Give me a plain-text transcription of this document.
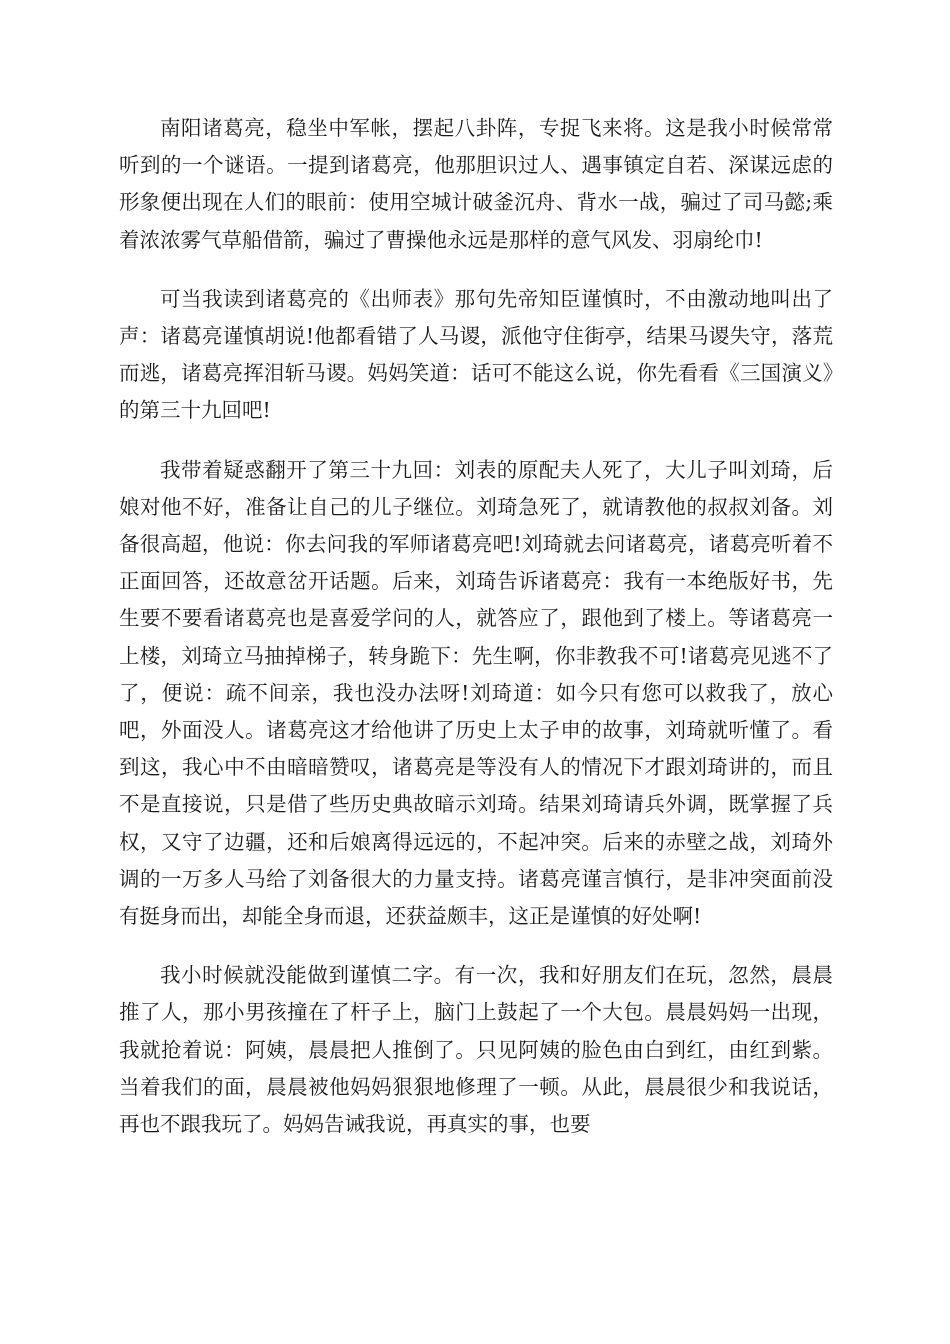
南阳诸葛亮，稳坐中军帐，摆起八卦阵，专捉飞来将。这是我小时候常常听到的一个谜语。一提到诸葛亮，他那胆识过人、遇事镇定自若、深谋远虑的形象便出现在人们的眼前：使用空城计破釜沉舟、背水一战，骗过了司马懿;乘着浓浓雾气草船借箭，骗过了曹操他永远是那样的意气风发、羽扇纶巾!

可当我读到诸葛亮的《出师表》那句先帝知臣谨慎时，不由激动地叫出了声：诸葛亮谨慎胡说!他都看错了人马谡，派他守住街亭，结果马谡失守，落荒而逃，诸葛亮挥泪斩马谡。妈妈笑道：话可不能这么说，你先看看《三国演义》的第三十九回吧!

我带着疑惑翻开了第三十九回：刘表的原配夫人死了，大儿子叫刘琦，后娘对他不好，准备让自己的儿子继位。刘琦急死了，就请教他的叔叔刘备。刘备很高超，他说：你去问我的军师诸葛亮吧!刘琦就去问诸葛亮，诸葛亮听着不正面回答，还故意岔开话题。后来，刘琦告诉诸葛亮：我有一本绝版好书，先生要不要看诸葛亮也是喜爱学问的人，就答应了，跟他到了楼上。等诸葛亮一上楼，刘琦立马抽掉梯子，转身跪下：先生啊，你非教我不可!诸葛亮见逃不了了，便说：疏不间亲，我也没办法呀!刘琦道：如今只有您可以救我了，放心吧，外面没人。诸葛亮这才给他讲了历史上太子申的故事，刘琦就听懂了。看到这，我心中不由暗暗赞叹，诸葛亮是等没有人的情况下才跟刘琦讲的，而且不是直接说，只是借了些历史典故暗示刘琦。结果刘琦请兵外调，既掌握了兵权，又守了边疆，还和后娘离得远远的，不起冲突。后来的赤壁之战，刘琦外调的一万多人马给了刘备很大的力量支持。诸葛亮谨言慎行，是非冲突面前没有挺身而出，却能全身而退，还获益颇丰，这正是谨慎的好处啊!

我小时候就没能做到谨慎二字。有一次，我和好朋友们在玩，忽然，晨晨推了人，那小男孩撞在了杆子上，脑门上鼓起了一个大包。晨晨妈妈一出现，我就抢着说：阿姨，晨晨把人推倒了。只见阿姨的脸色由白到红，由红到紫。当着我们的面，晨晨被他妈妈狠狠地修理了一顿。从此，晨晨很少和我说话，再也不跟我玩了。妈妈告诫我说，再真实的事，也要
